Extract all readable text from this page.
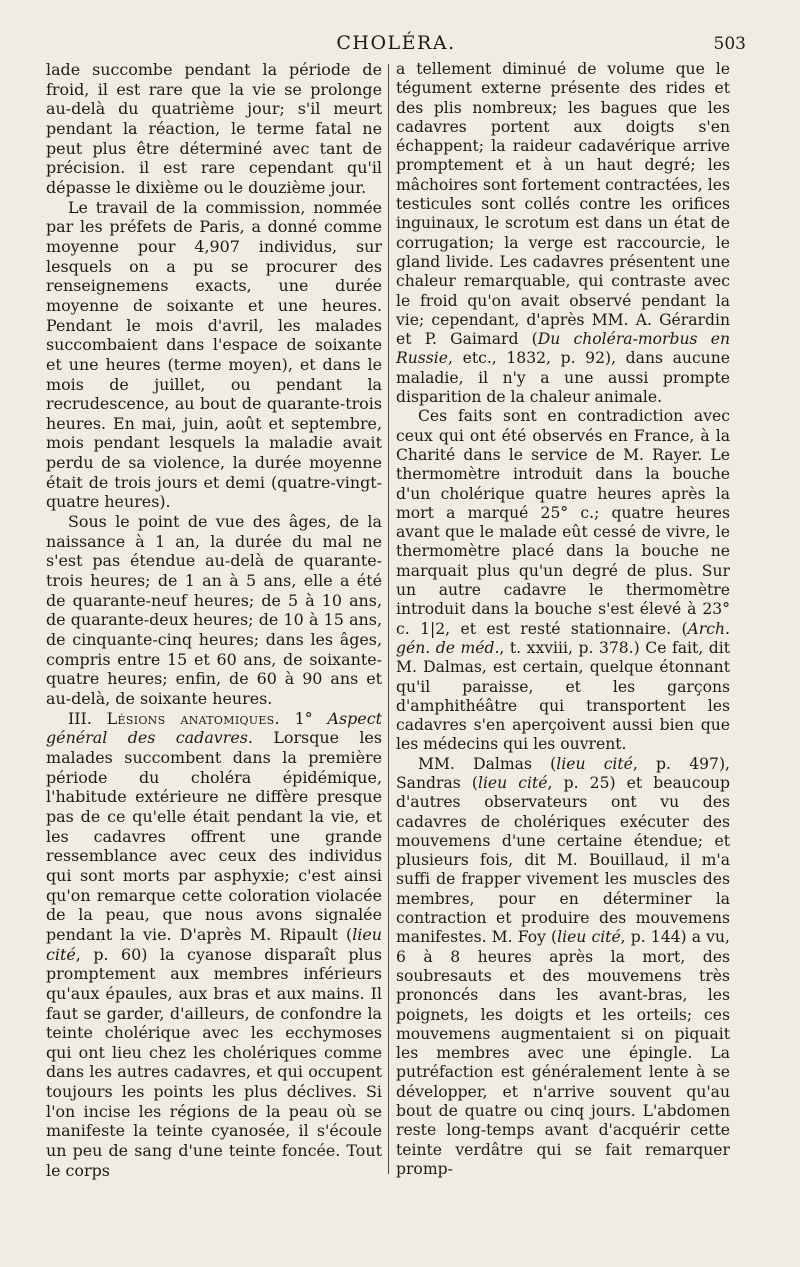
CHOLÉRA.	503

lade succombe pendant la période de froid, il est rare que la vie se prolonge au-delà du quatrième jour; s'il meurt pendant la réaction, le terme fatal ne peut plus être déterminé avec tant de précision. il est rare cependant qu'il dépasse le dixième ou le douzième jour.

Le travail de la commission, nommée par les préfets de Paris, a donné comme moyenne pour 4,907 individus, sur lesquels on a pu se procurer des renseignemens exacts, une durée moyenne de soixante et une heures. Pendant le mois d'avril, les malades succombaient dans l'espace de soixante et une heures (terme moyen), et dans le mois de juillet, ou pendant la recrudescence, au bout de quarante-trois heures. En mai, juin, août et septembre, mois pendant lesquels la maladie avait perdu de sa violence, la durée moyenne était de trois jours et demi (quatre-vingt-quatre heures).

Sous le point de vue des âges, de la naissance à 1 an, la durée du mal ne s'est pas étendue au-delà de quarante-trois heures; de 1 an à 5 ans, elle a été de quarante-neuf heures; de 5 à 10 ans, de quarante-deux heures; de 10 à 15 ans, de cinquante-cinq heures; dans les âges, compris entre 15 et 60 ans, de soixante-quatre heures; enfin, de 60 à 90 ans et au-delà, de soixante heures.

III. Lésions anatomiques. 1° Aspect général des cadavres. Lorsque les malades succombent dans la première période du choléra épidémique, l'habitude extérieure ne diffère presque pas de ce qu'elle était pendant la vie, et les cadavres offrent une grande ressemblance avec ceux des individus qui sont morts par asphyxie; c'est ainsi qu'on remarque cette coloration violacée de la peau, que nous avons signalée pendant la vie. D'après M. Ripault (lieu cité, p. 60) la cyanose disparaît plus promptement aux membres inférieurs qu'aux épaules, aux bras et aux mains. Il faut se garder, d'ailleurs, de confondre la teinte cholérique avec les ecchymoses qui ont lieu chez les cholériques comme dans les autres cadavres, et qui occupent toujours les points les plus déclives. Si l'on incise les régions de la peau où se manifeste la teinte cyanosée, il s'écoule un peu de sang d'une teinte foncée. Tout le corps

a tellement diminué de volume que le tégument externe présente des rides et des plis nombreux; les bagues que les cadavres portent aux doigts s'en échappent; la raideur cadavérique arrive promptement et à un haut degré; les mâchoires sont fortement contractées, les testicules sont collés contre les orifices inguinaux, le scrotum est dans un état de corrugation; la verge est raccourcie, le gland livide. Les cadavres présentent une chaleur remarquable, qui contraste avec le froid qu'on avait observé pendant la vie; cependant, d'après MM. A. Gérardin et P. Gaimard (Du choléra-morbus en Russie, etc., 1832, p. 92), dans aucune maladie, il n'y a une aussi prompte disparition de la chaleur animale.

Ces faits sont en contradiction avec ceux qui ont été observés en France, à la Charité dans le service de M. Rayer. Le thermomètre introduit dans la bouche d'un cholérique quatre heures après la mort a marqué 25° c.; quatre heures avant que le malade eût cessé de vivre, le thermomètre placé dans la bouche ne marquait plus qu'un degré de plus. Sur un autre cadavre le thermomètre introduit dans la bouche s'est élevé à 23° c. 1|2, et est resté stationnaire. (Arch. gén. de méd., t. xxviii, p. 378.) Ce fait, dit M. Dalmas, est certain, quelque étonnant qu'il paraisse, et les garçons d'amphithéâtre qui transportent les cadavres s'en aperçoivent aussi bien que les médecins qui les ouvrent.

MM. Dalmas (lieu cité, p. 497), Sandras (lieu cité, p. 25) et beaucoup d'autres observateurs ont vu des cadavres de cholériques exécuter des mouvemens d'une certaine étendue; et plusieurs fois, dit M. Bouillaud, il m'a suffi de frapper vivement les muscles des membres, pour en déterminer la contraction et produire des mouvemens manifestes. M. Foy (lieu cité, p. 144) a vu, 6 à 8 heures après la mort, des soubresauts et des mouvemens très prononcés dans les avant-bras, les poignets, les doigts et les orteils; ces mouvemens augmentaient si on piquait les membres avec une épingle. La putréfaction est généralement lente à se développer, et n'arrive souvent qu'au bout de quatre ou cinq jours. L'abdomen reste long-temps avant d'acquérir cette teinte verdâtre qui se fait remarquer promp-
